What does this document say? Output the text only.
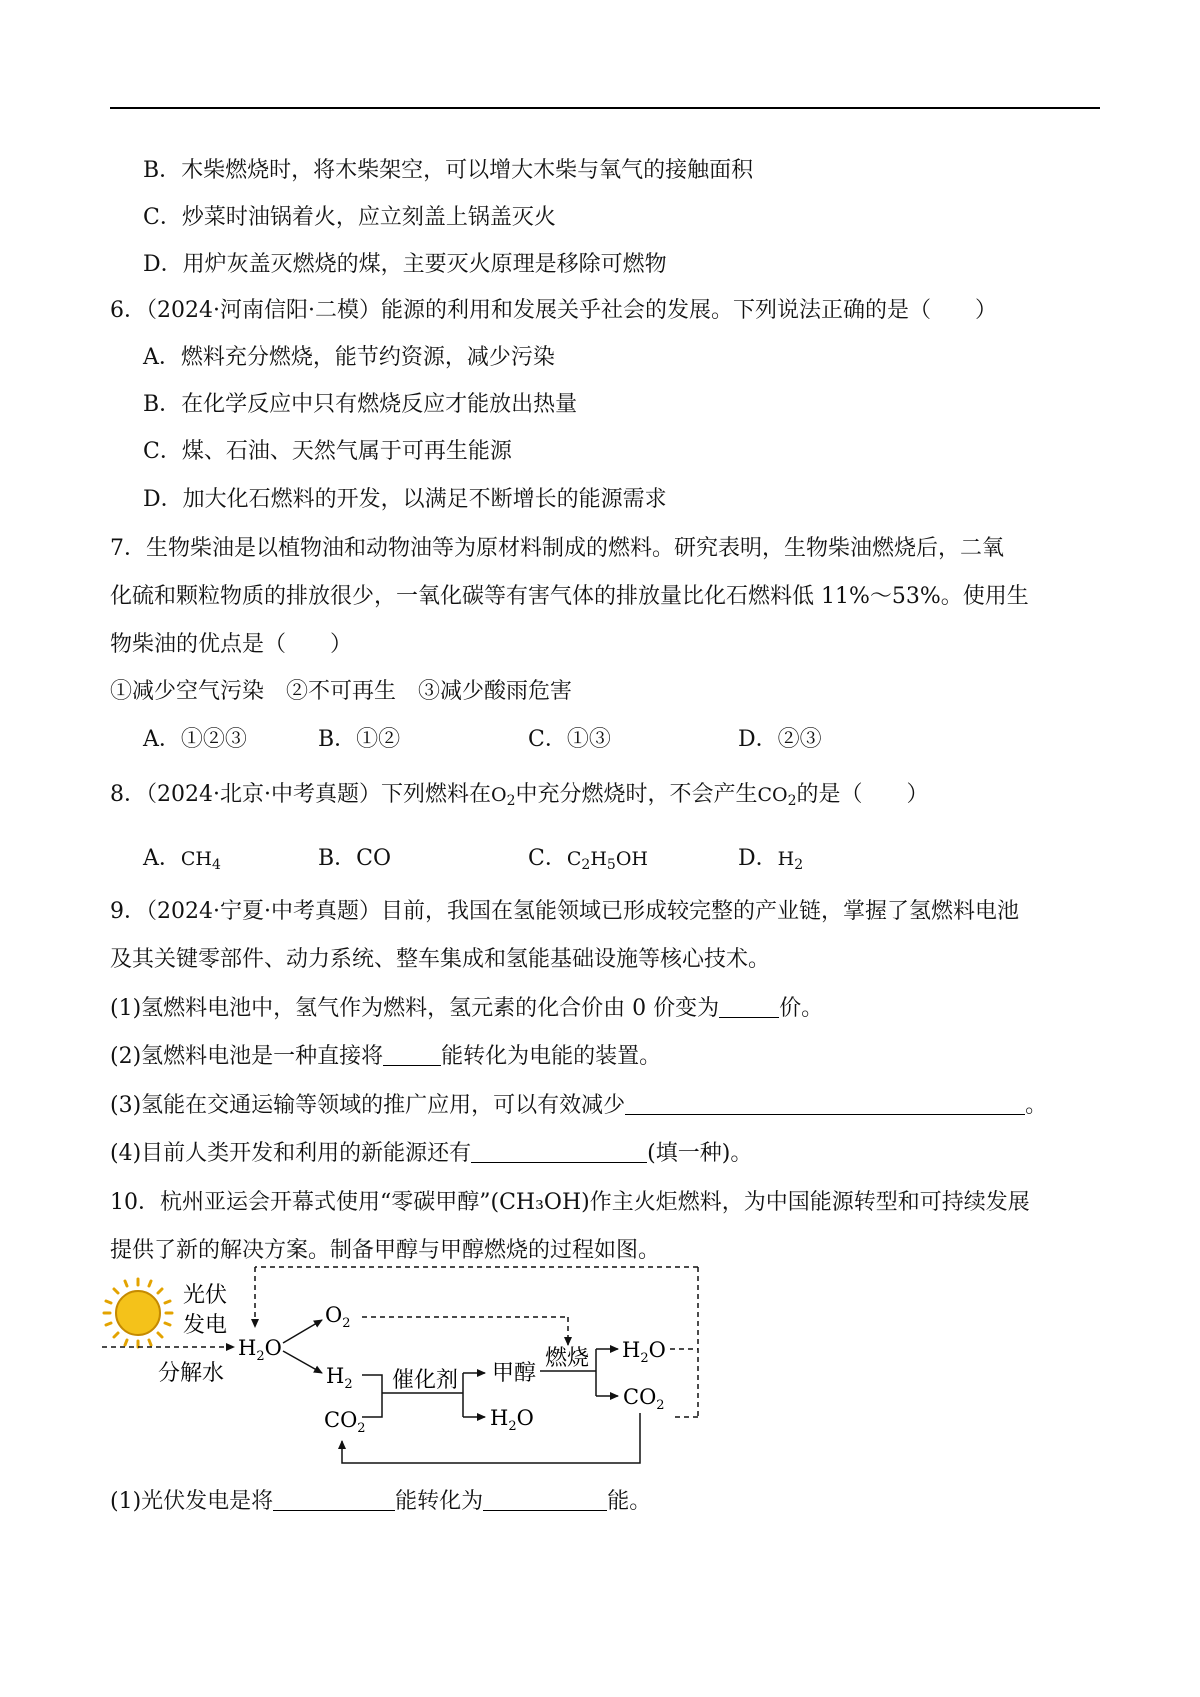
B．木柴燃烧时，将木柴架空，可以增大木柴与氧气的接触面积
C．炒菜时油锅着火，应立刻盖上锅盖灭火
D．用炉灰盖灭燃烧的煤，主要灭火原理是移除可燃物
6．（2024·河南信阳·二模）能源的利用和发展关乎社会的发展。下列说法正确的是（　　）
A．燃料充分燃烧，能节约资源，减少污染
B．在化学反应中只有燃烧反应才能放出热量
C．煤、石油、天然气属于可再生能源
D．加大化石燃料的开发，以满足不断增长的能源需求
7．生物柴油是以植物油和动物油等为原材料制成的燃料。研究表明，生物柴油燃烧后，二氧
化硫和颗粒物质的排放很少，一氧化碳等有害气体的排放量比化石燃料低 11%～53%。使用生
物柴油的优点是（　　）
①减少空气污染　②不可再生　③减少酸雨危害
A．①②③	B．①②	C．①③	D．②③
8．（2024·北京·中考真题）下列燃料在$O_2$中充分燃烧时，不会产生$CO_2$的是（　　）
A．$CH_4$	B．CO	C．$C_2H_5OH$	D．$H_2$
9．（2024·宁夏·中考真题）目前，我国在氢能领域已形成较完整的产业链，掌握了氢燃料电池
及其关键零部件、动力系统、整车集成和氢能基础设施等核心技术。
(1)氢燃料电池中，氢气作为燃料，氢元素的化合价由 0 价变为	价。
(2)氢燃料电池是一种直接将	能转化为电能的装置。
(3)氢能在交通运输等领域的推广应用，可以有效减少	。
(4)目前人类开发和利用的新能源还有	(填一种)。
10．杭州亚运会开幕式使用“零碳甲醇”(CH₃OH)作主火炬燃料，为中国能源转型和可持续发展
提供了新的解决方案。制备甲醇与甲醇燃烧的过程如图。
光伏
发电
分解水
$H_2O$
$O_2$
$H_2$
$CO_2$
催化剂 甲醇
$H_2O$
燃烧 $H_2O$
$CO_2$
(1)光伏发电是将	能转化为	能。
